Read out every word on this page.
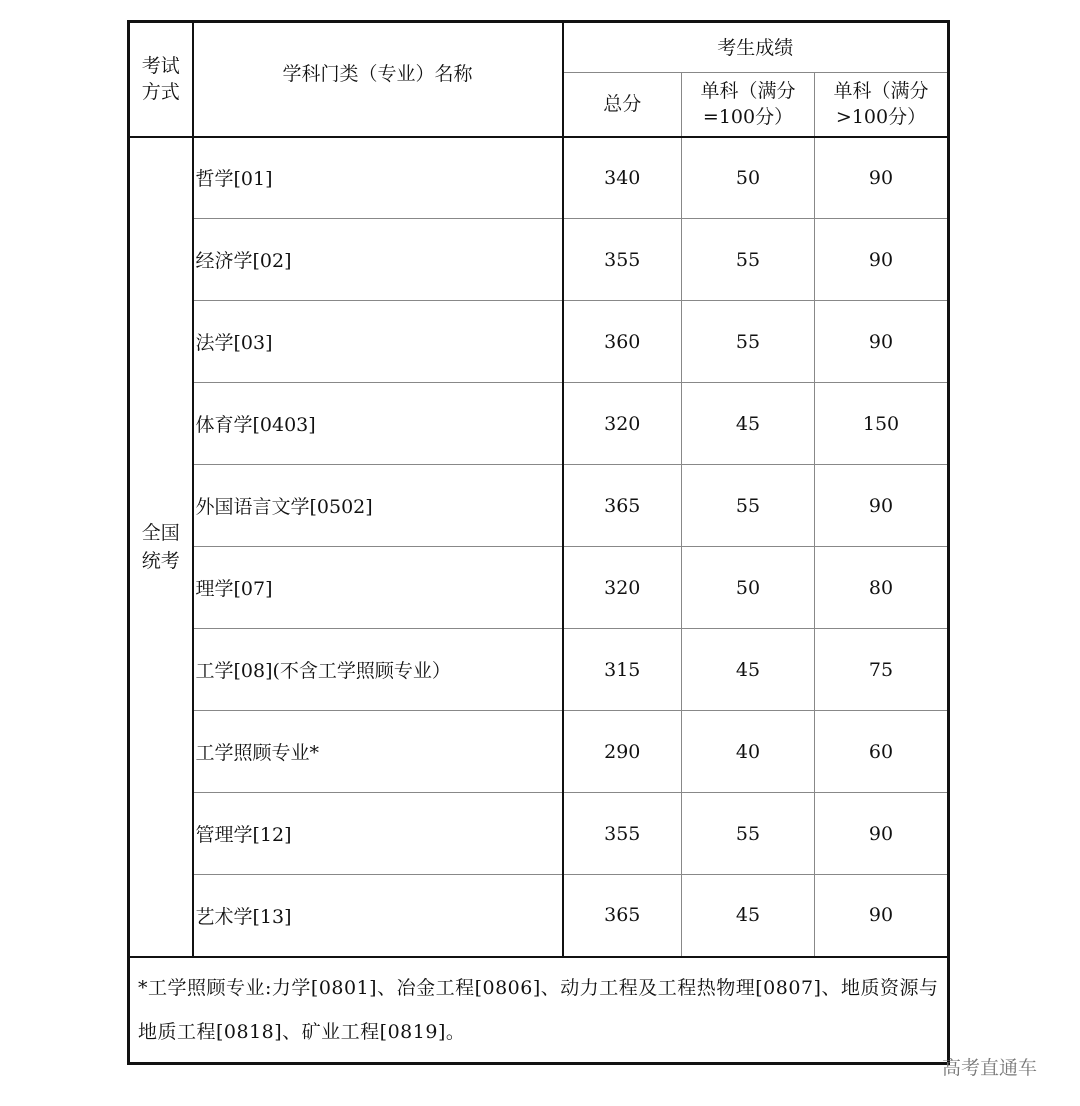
考试方式	学科门类（专业）名称	考生成绩		
		总分	单科（满分=100分）	单科（满分>100分）
全国统考	哲学[01]	340	50	90
	经济学[02]	355	55	90
	法学[03]	360	55	90
	体育学[0403]	320	45	150
	外国语言文学[0502]	365	55	90
	理学[07]	320	50	80
	工学[08](不含工学照顾专业）	315	45	75
	工学照顾专业*	290	40	60
	管理学[12]	355	55	90
	艺术学[13]	365	45	90
*工学照顾专业:力学[0801]、冶金工程[0806]、动力工程及工程热物理[0807]、地质资源与地质工程[0818]、矿业工程[0819]。				
高考直通车
